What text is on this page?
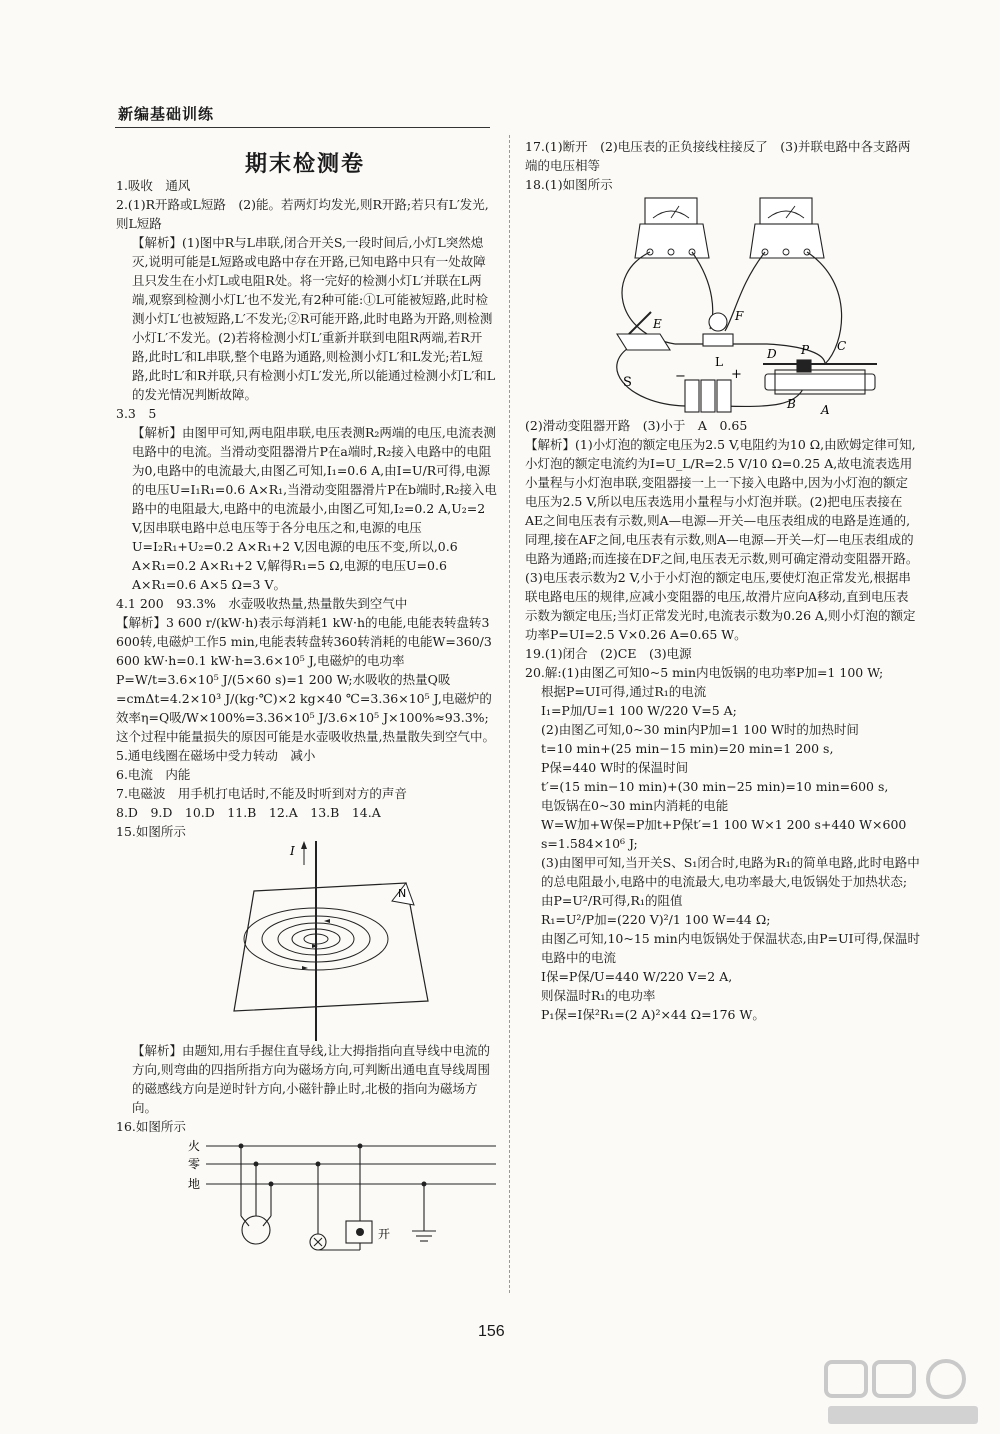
新编基础训练
期末检测卷

1.吸收　通风

2.(1)R开路或L短路　(2)能。若两灯均发光,则R开路;若只有L′发光,则L短路

【解析】(1)图中R与L串联,闭合开关S,一段时间后,小灯L突然熄灭,说明可能是L短路或电路中存在开路,已知电路中只有一处故障且只发生在小灯L或电阻R处。将一完好的检测小灯L′并联在L两端,观察到检测小灯L′也不发光,有2种可能:①L可能被短路,此时检测小灯L′也被短路,L′不发光;②R可能开路,此时电路为开路,则检测小灯L′不发光。(2)若将检测小灯L′重新并联到电阻R两端,若R开路,此时L′和L串联,整个电路为通路,则检测小灯L′和L发光;若L短路,此时L′和R并联,只有检测小灯L′发光,所以能通过检测小灯L′和L的发光情况判断故障。

3.3　5

【解析】由图甲可知,两电阻串联,电压表测R₂两端的电压,电流表测电路中的电流。当滑动变阻器滑片P在a端时,R₂接入电路中的电阻为0,电路中的电流最大,由图乙可知,I₁=0.6 A,由I=U/R可得,电源的电压U=I₁R₁=0.6 A×R₁,当滑动变阻器滑片P在b端时,R₂接入电路中的电阻最大,电路中的电流最小,由图乙可知,I₂=0.2 A,U₂=2 V,因串联电路中总电压等于各分电压之和,电源的电压U=I₂R₁+U₂=0.2 A×R₁+2 V,因电源的电压不变,所以,0.6 A×R₁=0.2 A×R₁+2 V,解得R₁=5 Ω,电源的电压U=0.6 A×R₁=0.6 A×5 Ω=3 V。

4.1 200　93.3%　水壶吸收热量,热量散失到空气中

【解析】3 600 r/(kW·h)表示每消耗1 kW·h的电能,电能表转盘转3 600转,电磁炉工作5 min,电能表转盘转360转消耗的电能W=360/3 600 kW·h=0.1 kW·h=3.6×10⁵ J,电磁炉的电功率P=W/t=3.6×10⁵ J/(5×60 s)=1 200 W;水吸收的热量Q吸=cmΔt=4.2×10³ J/(kg·℃)×2 kg×40 ℃=3.36×10⁵ J,电磁炉的效率η=Q吸/W×100%=3.36×10⁵ J/3.6×10⁵ J×100%≈93.3%;这个过程中能量损失的原因可能是水壶吸收热量,热量散失到空气中。

5.通电线圈在磁场中受力转动　减小

6.电流　内能

7.电磁波　用手机打电话时,不能及时听到对方的声音

8.D　9.D　10.D　11.B　12.A　13.B　14.A

15.如图所示

N
I

【解析】由题知,用右手握住直导线,让大拇指指向直导线中电流的方向,则弯曲的四指所指方向为磁场方向,可判断出通电直导线周围的磁感线方向是逆时针方向,小磁针静止时,北极的指向为磁场方向。

16.如图所示

火
零
地
开

17.(1)断开　(2)电压表的正负接线柱接反了　(3)并联电路中各支路两端的电压相等

18.(1)如图所示

E
S
F
L
D P C
B A
−	+

(2)滑动变阻器开路　(3)小于　A　0.65

【解析】(1)小灯泡的额定电压为2.5 V,电阻约为10 Ω,由欧姆定律可知,小灯泡的额定电流约为I=U_L/R=2.5 V/10 Ω=0.25 A,故电流表选用小量程与小灯泡串联,变阻器接一上一下接入电路中,因为小灯泡的额定电压为2.5 V,所以电压表选用小量程与小灯泡并联。(2)把电压表接在AE之间电压表有示数,则A—电源—开关—电压表组成的电路是连通的,同理,接在AF之间,电压表有示数,则A—电源—开关—灯—电压表组成的电路为通路;而连接在DF之间,电压表无示数,则可确定滑动变阻器开路。(3)电压表示数为2 V,小于小灯泡的额定电压,要使灯泡正常发光,根据串联电路电压的规律,应减小变阻器的电压,故滑片应向A移动,直到电压表示数为额定电压;当灯正常发光时,电流表示数为0.26 A,则小灯泡的额定功率P=UI=2.5 V×0.26 A=0.65 W。

19.(1)闭合　(2)CE　(3)电源

20.解:(1)由图乙可知0~5 min内电饭锅的电功率P加=1 100 W;

根据P=UI可得,通过R₁的电流

I₁=P加/U=1 100 W/220 V=5 A;

(2)由图乙可知,0~30 min内P加=1 100 W时的加热时间

t=10 min+(25 min−15 min)=20 min=1 200 s,

P保=440 W时的保温时间

t′=(15 min−10 min)+(30 min−25 min)=10 min=600 s,

电饭锅在0~30 min内消耗的电能

W=W加+W保=P加t+P保t′=1 100 W×1 200 s+440 W×600 s=1.584×10⁶ J;

(3)由图甲可知,当开关S、S₁闭合时,电路为R₁的简单电路,此时电路中的总电阻最小,电路中的电流最大,电功率最大,电饭锅处于加热状态;

由P=U²/R可得,R₁的阻值

R₁=U²/P加=(220 V)²/1 100 W=44 Ω;

由图乙可知,10~15 min内电饭锅处于保温状态,由P=UI可得,保温时电路中的电流

I保=P保/U=440 W/220 V=2 A,

则保温时R₁的电功率

P₁保=I保²R₁=(2 A)²×44 Ω=176 W。

156
